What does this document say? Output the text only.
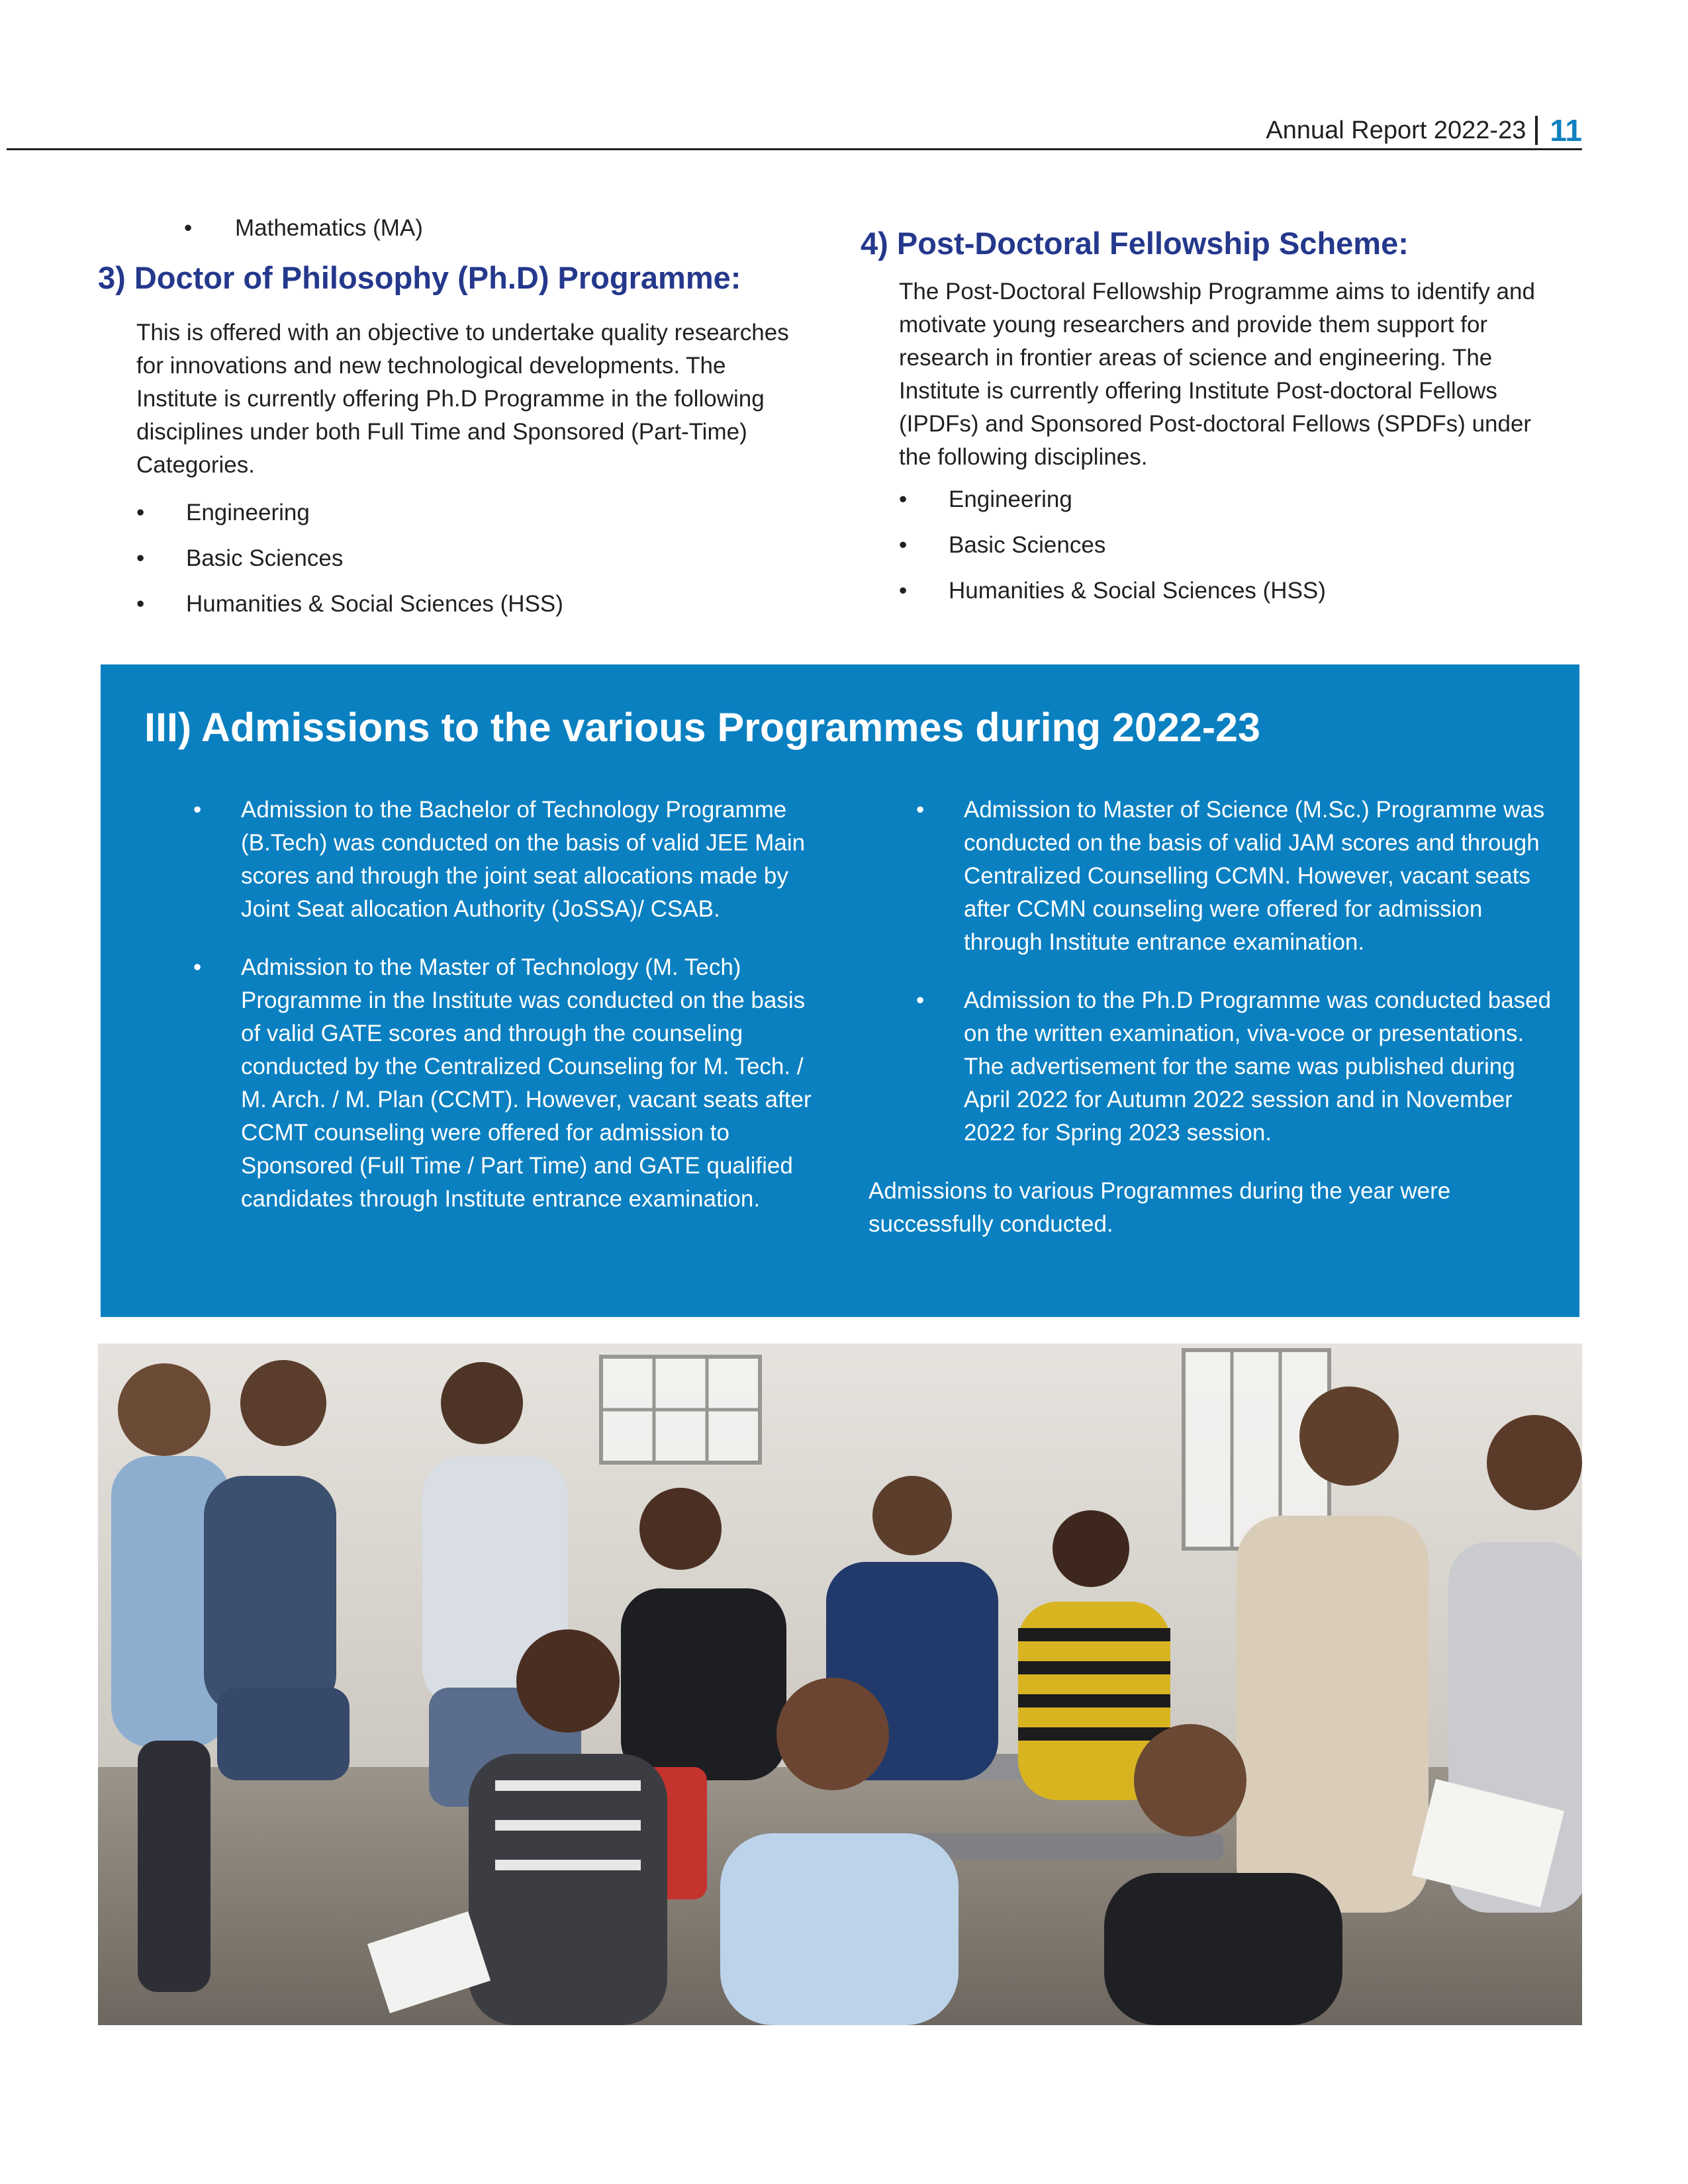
Annual Report 2022-23 11
• Mathematics (MA)
3) Doctor of Philosophy (Ph.D) Programme:

This is offered with an objective to undertake quality researches for innovations and new technological developments. The Institute is currently offering Ph.D Programme in the following disciplines under both Full Time and Sponsored (Part-Time) Categories.

• Engineering
• Basic Sciences
• Humanities & Social Sciences (HSS)
4) Post-Doctoral Fellowship Scheme:

The Post-Doctoral Fellowship Programme aims to identify and motivate young researchers and provide them support for research in frontier areas of science and engineering. The Institute is currently offering Institute Post-doctoral Fellows (IPDFs) and Sponsored Post-doctoral Fellows (SPDFs) under the following disciplines.

• Engineering
• Basic Sciences
• Humanities & Social Sciences (HSS)
III) Admissions to the various Programmes during 2022-23
• Admission to the Bachelor of Technology Programme (B.Tech) was conducted on the basis of valid JEE Main scores and through the joint seat allocations made by Joint Seat allocation Authority (JoSSA)/ CSAB.
• Admission to the Master of Technology (M. Tech) Programme in the Institute was conducted on the basis of valid GATE scores and through the counseling conducted by the Centralized Counseling for M. Tech. / M. Arch. / M. Plan (CCMT). However, vacant seats after CCMT counseling were offered for admission to Sponsored (Full Time / Part Time) and GATE qualified candidates through Institute entrance examination.
• Admission to Master of Science (M.Sc.) Programme was conducted on the basis of valid JAM scores and through Centralized Counselling CCMN. However, vacant seats after CCMN counseling were offered for admission through Institute entrance examination.
• Admission to the Ph.D Programme was conducted based on the written examination, viva-voce or presentations. The advertisement for the same was published during April 2022 for Autumn 2022 session and in November 2022 for Spring 2023 session.

Admissions to various Programmes during the year were successfully conducted.
